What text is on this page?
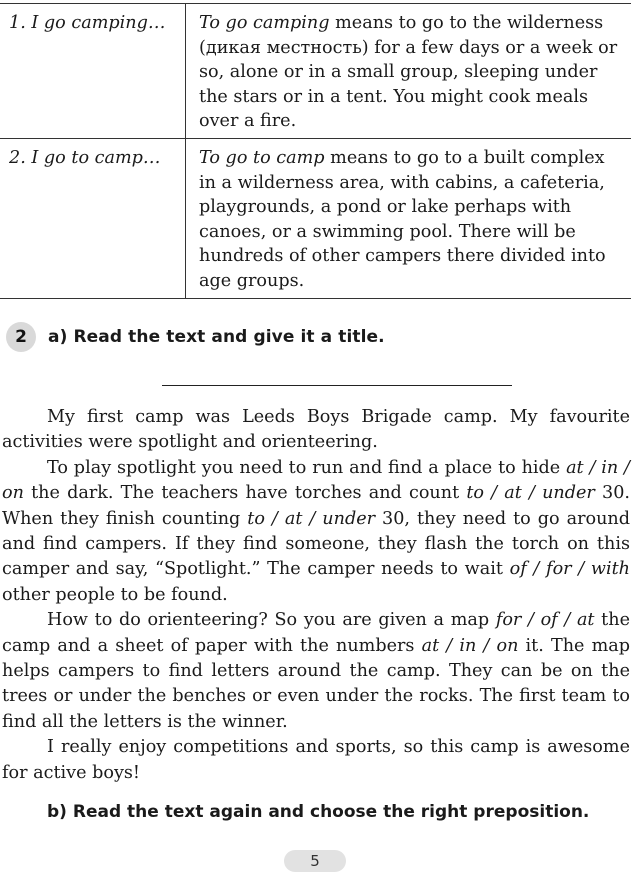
1. I go camping…	To go camping means to go to the wilderness (дикая местность) for a few days or a week or so, alone or in a small group, sleeping under the stars or in a tent. You might cook meals over a fire.
2. I go to camp…	To go to camp means to go to a built complex in a wilderness area, with cabins, a cafeteria, playgrounds, a pond or lake perhaps with canoes, or a swimming pool. There will be hundreds of other campers there divided into age groups.
2	a) Read the text and give it a title.

My first camp was Leeds Boys Brigade camp. My favourite activities were spotlight and orienteering.

To play spotlight you need to run and find a place to hide at / in / on the dark. The teachers have torches and count to / at / under 30. When they finish counting to / at / under 30, they need to go around and find campers. If they find someone, they flash the torch on this camper and say, “Spotlight.” The camper needs to wait of / for / with other people to be found.

How to do orienteering? So you are given a map for / of / at the camp and a sheet of paper with the numbers at / in / on it. The map helps campers to find letters around the camp. They can be on the trees or under the benches or even under the rocks. The first team to find all the letters is the winner.

I really enjoy competitions and sports, so this camp is awesome for active boys!

b) Read the text again and choose the right preposition.
5
